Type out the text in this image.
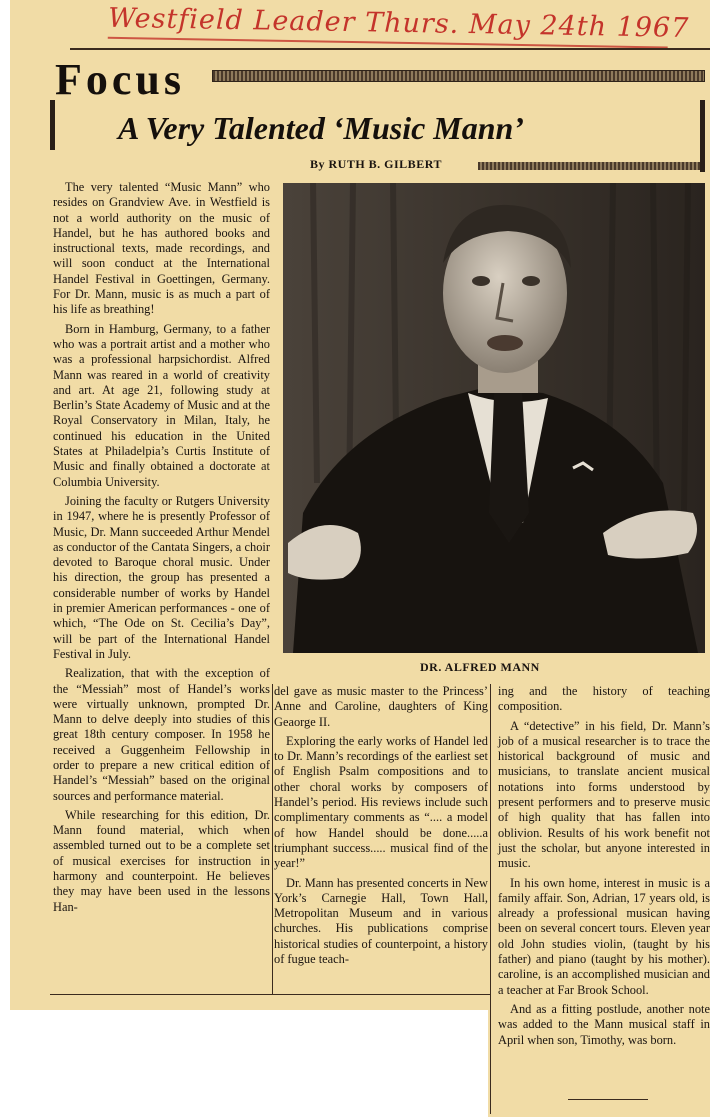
Westfield Leader Thurs. May 24th 1967
Focus
A Very Talented ‘Music Mann’
By RUTH B. GILBERT
DR. ALFRED MANN

The very talented “Music Mann” who resides on Grandview Ave. in Westfield is not a world authority on the music of Handel, but he has authored books and instructional texts, made recordings, and will soon conduct at the International Handel Festival in Goettingen, Germany. For Dr. Mann, music is as much a part of his life as breathing!

Born in Hamburg, Germany, to a father who was a portrait artist and a mother who was a professional harpsichordist. Alfred Mann was reared in a world of creativity and art. At age 21, following study at Berlin’s State Academy of Music and at the Royal Conservatory in Milan, Italy, he continued his education in the United States at Philadelpia’s Curtis Institute of Music and finally obtained a doctorate at Columbia University.

Joining the faculty or Rutgers University in 1947, where he is presently Professor of Music, Dr. Mann succeeded Arthur Mendel as conductor of the Cantata Singers, a choir devoted to Baroque choral music. Under his direction, the group has presented a considerable number of works by Handel in premier American performances - one of which, “The Ode on St. Cecilia’s Day”, will be part of the International Handel Festival in July.

Realization, that with the exception of the “Messiah” most of Handel’s works were virtually unknown, prompted Dr. Mann to delve deeply into studies of this great 18th century composer. In 1958 he received a Guggenheim Fellowship in order to prepare a new critical edition of Handel’s “Messiah” based on the original sources and performance material.

While researching for this edition, Dr. Mann found material, which when assembled turned out to be a complete set of musical exercises for instruction in harmony and counterpoint. He believes they may have been used in the lessons Han-

del gave as music master to the Princess’ Anne and Caroline, daughters of King Geaorge II.

Exploring the early works of Handel led to Dr. Mann’s recordings of the earliest set of English Psalm compositions and to other choral works by composers of Handel’s period. His reviews include such complimentary comments as “.... a model of how Handel should be done.....a triumphant success..... musical find of the year!”

Dr. Mann has presented concerts in New York’s Carnegie Hall, Town Hall, Metropolitan Museum and in various churches. His publications comprise historical studies of counterpoint, a history of fugue teach-

ing and the history of teaching composition.

A “detective” in his field, Dr. Mann’s job of a musical researcher is to trace the historical background of music and musicians, to translate ancient musical notations into forms understood by present performers and to preserve music of high quality that has fallen into oblivion. Results of his work benefit not just the scholar, but anyone interested in music.

In his own home, interest in music is a family affair. Son, Adrian, 17 years old, is already a professional musican having been on several concert tours. Eleven year old John studies violin, (taught by his father) and piano (taught by his mother). caroline, is an accomplished musician and a teacher at Far Brook School.

And as a fitting postlude, another note was added to the Mann musical staff in April when son, Timothy, was born.
